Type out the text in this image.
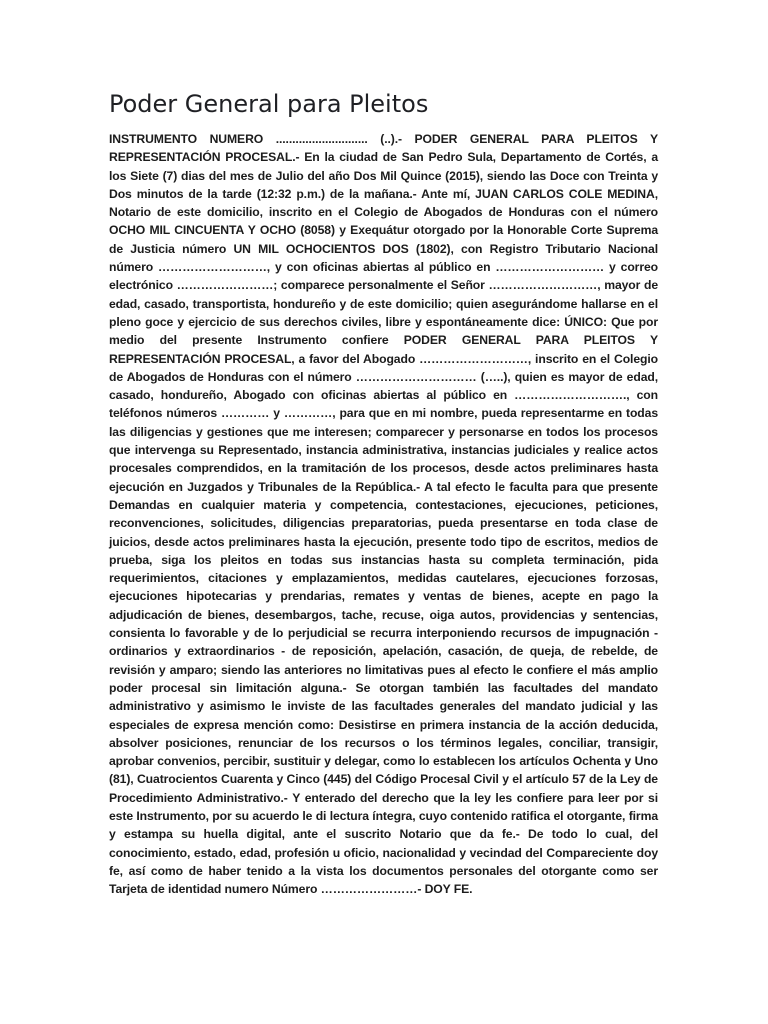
Poder General para Pleitos

INSTRUMENTO NUMERO ............................ (..).- PODER GENERAL PARA PLEITOS Y REPRESENTACIÓN PROCESAL.- En la ciudad de San Pedro Sula, Departamento de Cortés, a los Siete (7) dias del mes de Julio del año Dos Mil Quince (2015), siendo las Doce con Treinta y Dos minutos de la tarde (12:32 p.m.) de la mañana.- Ante mí, JUAN CARLOS COLE MEDINA, Notario de este domicilio, inscrito en el Colegio de Abogados de Honduras con el número OCHO MIL CINCUENTA Y OCHO (8058) y Exequátur otorgado por la Honorable Corte Suprema de Justicia número UN MIL OCHOCIENTOS DOS (1802), con Registro Tributario Nacional número ………………………, y con oficinas abiertas al público en ……………………… y correo electrónico ……………………; comparece personalmente el Señor ………………………, mayor de edad, casado, transportista, hondureño y de este domicilio; quien asegurándome hallarse en el pleno goce y ejercicio de sus derechos civiles, libre y espontáneamente dice: ÚNICO: Que por medio del presente Instrumento confiere PODER GENERAL PARA PLEITOS Y REPRESENTACIÓN PROCESAL, a favor del Abogado ………………………, inscrito en el Colegio de Abogados de Honduras con el número ………………………… (…..), quien es mayor de edad, casado, hondureño, Abogado con oficinas abiertas al público en ………………………., con teléfonos números ………… y …………, para que en mi nombre, pueda representarme en todas las diligencias y gestiones que me interesen; comparecer y personarse en todos los procesos que intervenga su Representado, instancia administrativa, instancias judiciales y realice actos procesales comprendidos, en la tramitación de los procesos, desde actos preliminares hasta ejecución en Juzgados y Tribunales de la República.- A tal efecto le faculta para que presente Demandas en cualquier materia y competencia, contestaciones, ejecuciones, peticiones, reconvenciones, solicitudes, diligencias preparatorias, pueda presentarse en toda clase de juicios, desde actos preliminares hasta la ejecución, presente todo tipo de escritos, medios de prueba, siga los pleitos en todas sus instancias hasta su completa terminación, pida requerimientos, citaciones y emplazamientos, medidas cautelares, ejecuciones forzosas, ejecuciones hipotecarias y prendarias, remates y ventas de bienes, acepte en pago la adjudicación de bienes, desembargos, tache, recuse, oiga autos, providencias y sentencias, consienta lo favorable y de lo perjudicial se recurra interponiendo recursos de impugnación - ordinarios y extraordinarios - de reposición, apelación, casación, de queja, de rebelde, de revisión y amparo; siendo las anteriores no limitativas pues al efecto le confiere el más amplio poder procesal sin limitación alguna.- Se otorgan también las facultades del mandato administrativo y asimismo le inviste de las facultades generales del mandato judicial y las especiales de expresa mención como: Desistirse en primera instancia de la acción deducida, absolver posiciones, renunciar de los recursos o los términos legales, conciliar, transigir, aprobar convenios, percibir, sustituir y delegar, como lo establecen los artículos Ochenta y Uno (81), Cuatrocientos Cuarenta y Cinco (445) del Código Procesal Civil y el artículo 57 de la Ley de Procedimiento Administrativo.- Y enterado del derecho que la ley les confiere para leer por si este Instrumento, por su acuerdo le di lectura íntegra, cuyo contenido ratifica el otorgante, firma y estampa su huella digital, ante el suscrito Notario que da fe.- De todo lo cual, del conocimiento, estado, edad, profesión u oficio, nacionalidad y vecindad del Compareciente doy fe, así como de haber tenido a la vista los documentos personales del otorgante como ser Tarjeta de identidad numero Número ……………………- DOY FE.
